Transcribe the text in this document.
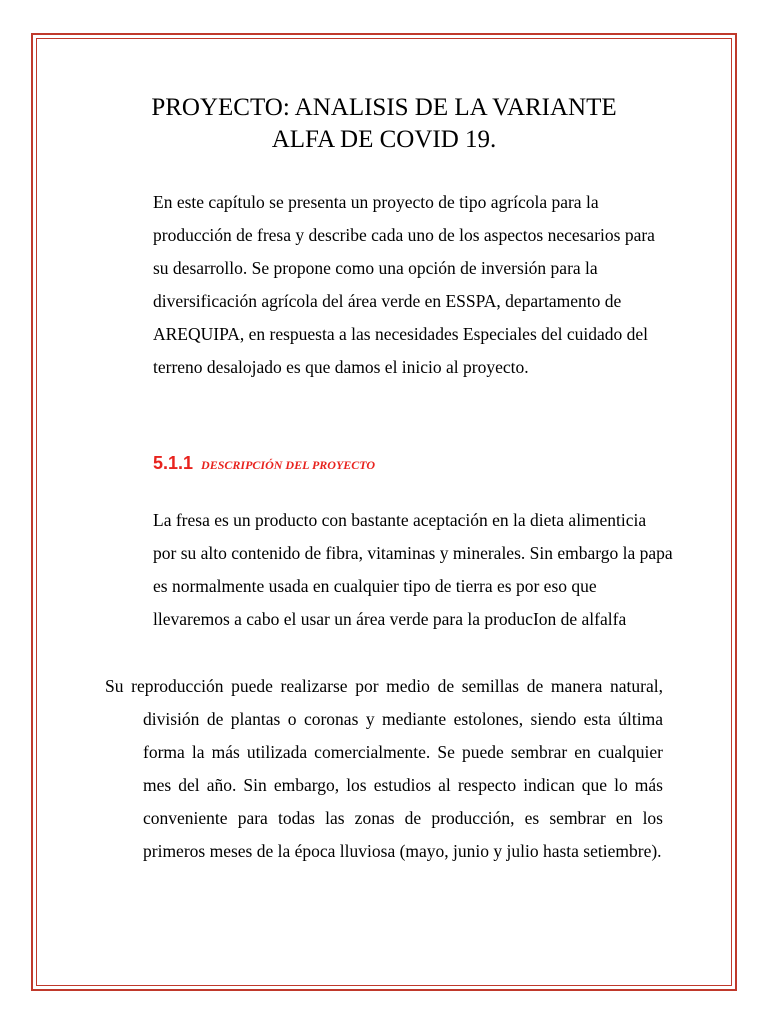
PROYECTO: ANALISIS DE LA VARIANTE
ALFA DE COVID 19.

En este capítulo se presenta un proyecto de tipo agrícola para la producción de fresa y describe cada uno de los aspectos necesarios para su desarrollo. Se propone como una opción de inversión para la diversificación agrícola del área verde en ESSPA, departamento de AREQUIPA, en respuesta a las necesidades Especiales del cuidado del terreno desalojado es que damos el inicio al proyecto.

5.1.1 DESCRIPCIÓN DEL PROYECTO

La fresa es un producto con bastante aceptación en la dieta alimenticia por su alto contenido de fibra, vitaminas y minerales. Sin embargo la papa es normalmente usada en cualquier tipo de tierra es por eso que llevaremos a cabo el usar un área verde para la producIon de alfalfa

Su reproducción puede realizarse por medio de semillas de manera natural, división de plantas o coronas y mediante estolones, siendo esta última forma la más utilizada comercialmente. Se puede sembrar en cualquier mes del año. Sin embargo, los estudios al respecto indican que lo más conveniente para todas las zonas de producción, es sembrar en los primeros meses de la época lluviosa (mayo, junio y julio hasta setiembre).
